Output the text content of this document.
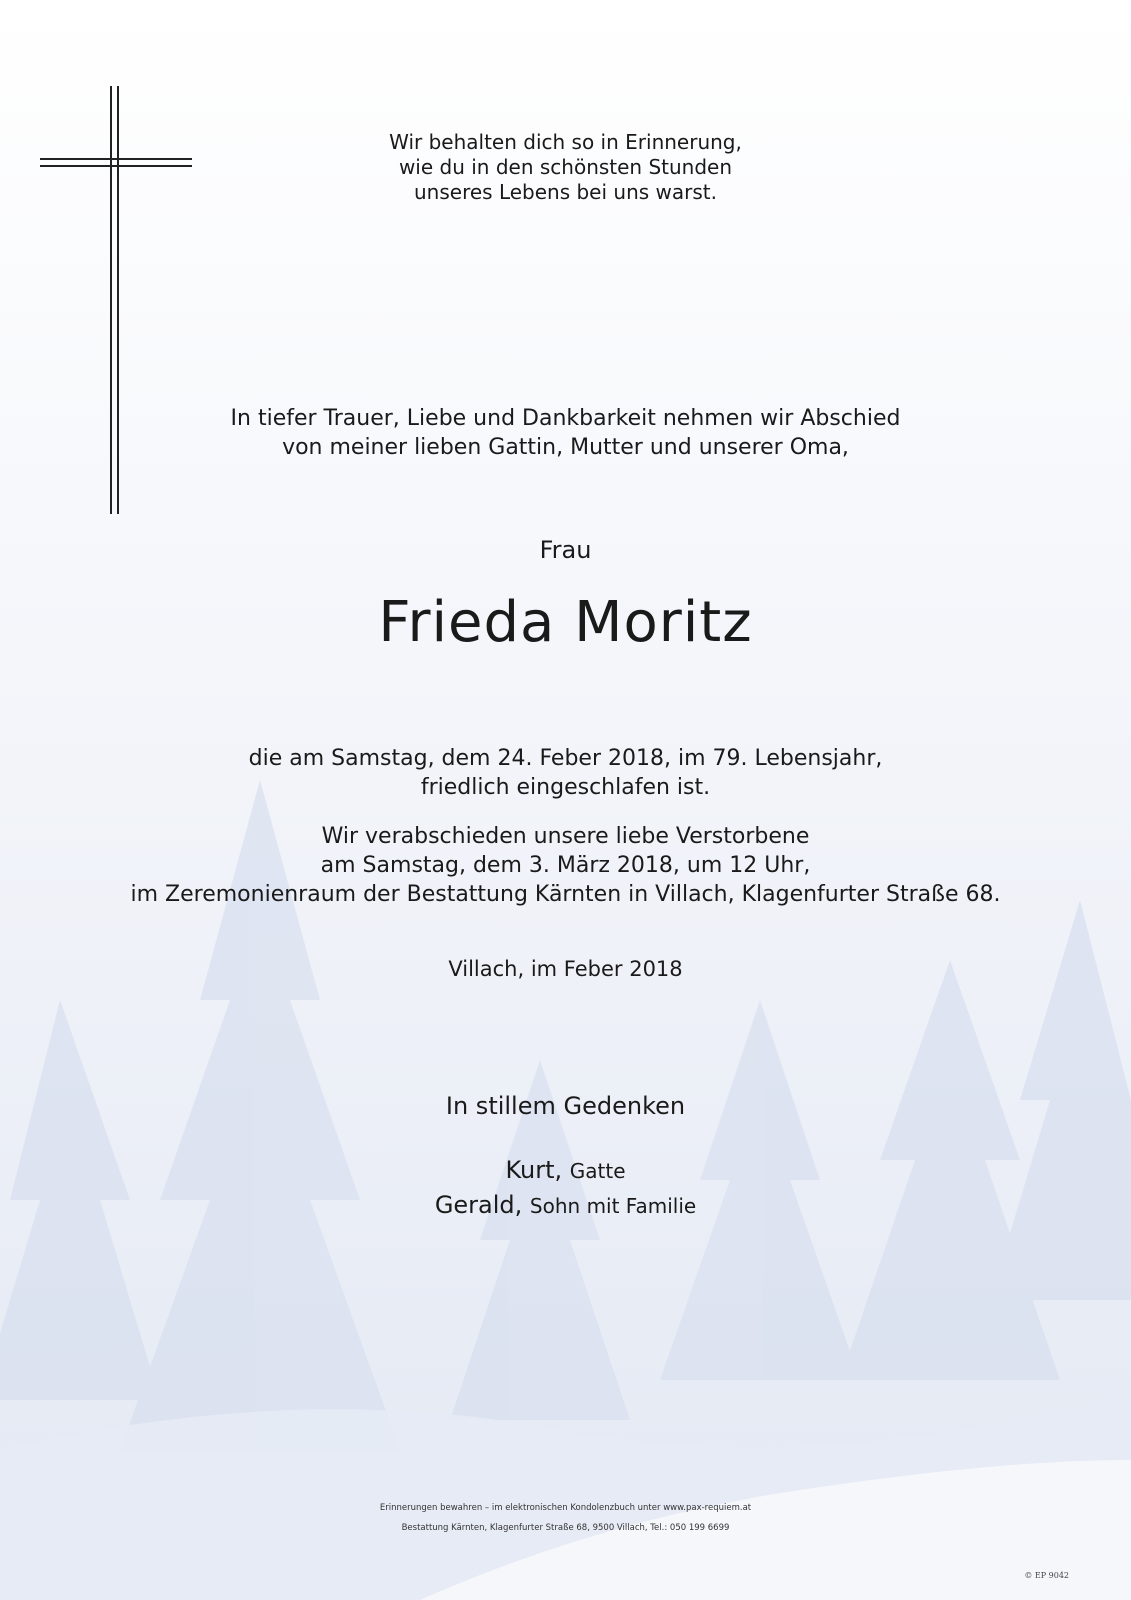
Wir behalten dich so in Erinnerung,
wie du in den schönsten Stunden
unseres Lebens bei uns warst.
In tiefer Trauer, Liebe und Dankbarkeit nehmen wir Abschied
von meiner lieben Gattin, Mutter und unserer Oma,
Frau
Frieda Moritz
die am Samstag, dem 24. Feber 2018, im 79. Lebensjahr,
friedlich eingeschlafen ist.
Wir verabschieden unsere liebe Verstorbene
am Samstag, dem 3. März 2018, um 12 Uhr,
im Zeremonienraum der Bestattung Kärnten in Villach, Klagenfurter Straße 68.
Villach, im Feber 2018
In stillem Gedenken
Kurt, Gatte
Gerald, Sohn mit Familie
Erinnerungen bewahren – im elektronischen Kondolenzbuch unter www.pax-requiem.at
Bestattung Kärnten, Klagenfurter Straße 68, 9500 Villach, Tel.: 050 199 6699
© EP 9042
